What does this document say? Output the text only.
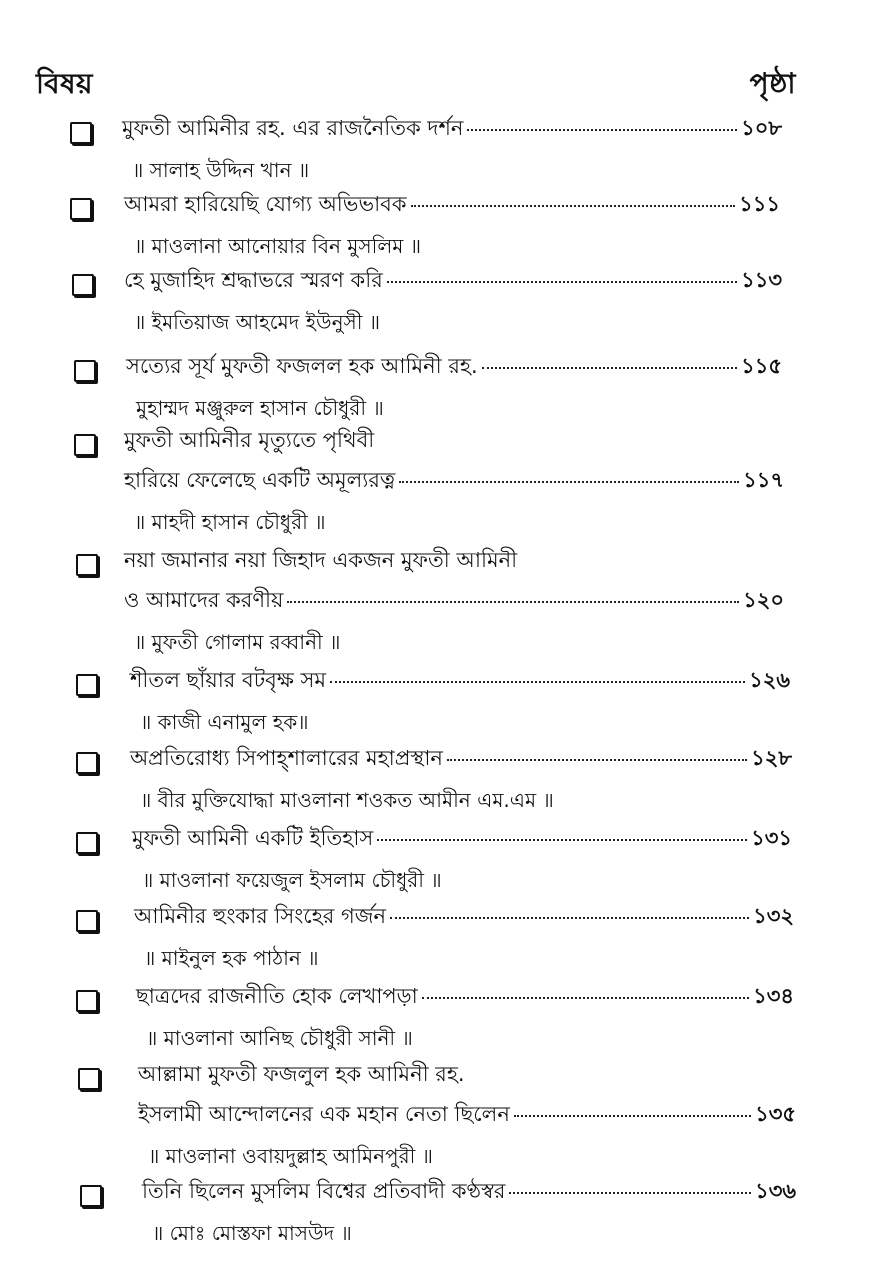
বিষয়	পৃষ্ঠা
মুফতী আমিনীর রহ. এর রাজনৈতিক দর্শন	১০৮
॥ সালাহ উদ্দিন খান ॥
আমরা হারিয়েছি যোগ্য অভিভাবক	১১১
॥ মাওলানা আনোয়ার বিন মুসলিম ॥
হে মুজাহিদ শ্রদ্ধাভরে স্মরণ করি	১১৩
॥ ইমতিয়াজ আহমেদ ইউনুসী ॥
সত্যের সূর্য মুফতী ফজলল হক আমিনী রহ.	১১৫
মুহাম্মদ মঞ্জুরুল হাসান চৌধুরী ॥
মুফতী আমিনীর মৃত্যুতে পৃথিবী
হারিয়ে ফেলেছে একটি অমূল্যরত্ন	১১৭
॥ মাহদী হাসান চৌধুরী ॥
নয়া জমানার নয়া জিহাদ একজন মুফতী আমিনী
ও আমাদের করণীয়	১২০
॥ মুফতী গোলাম রব্বানী ॥
শীতল ছাঁয়ার বটবৃক্ষ সম	১২৬
॥ কাজী এনামুল হক॥
অপ্রতিরোধ্য সিপাহ্‌শালারের মহাপ্রস্থান	১২৮
॥ বীর মুক্তিযোদ্ধা মাওলানা শওকত আমীন এম.এম ॥
মুফতী আমিনী একটি ইতিহাস	১৩১
॥ মাওলানা ফয়েজুল ইসলাম চৌধুরী ॥
আমিনীর হুংকার সিংহের গর্জন	১৩২
॥ মাইনুল হক পাঠান ॥
ছাত্রদের রাজনীতি হোক লেখাপড়া	১৩৪
॥ মাওলানা আনিছ চৌধুরী সানী ॥
আল্লামা মুফতী ফজলুল হক আমিনী রহ.
ইসলামী আন্দোলনের এক মহান নেতা ছিলেন	১৩৫
॥ মাওলানা ওবায়দুল্লাহ আমিনপুরী ॥
তিনি ছিলেন মুসলিম বিশ্বের প্রতিবাদী কণ্ঠস্বর	১৩৬
॥ মোঃ মোস্তফা মাসউদ ॥
